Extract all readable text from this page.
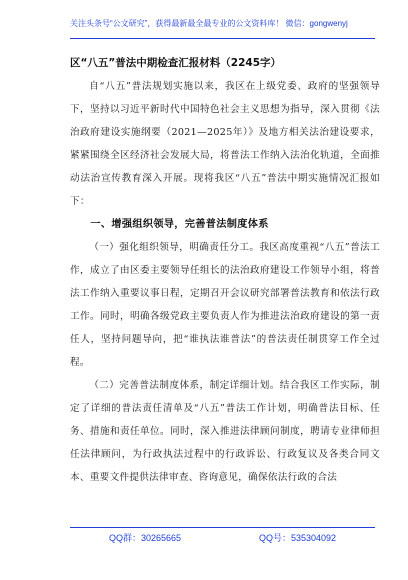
关注头条号“公文研究”，获得最新最全最专业的公文资料库！ 微信：gongwenyj
区“八五”普法中期检查汇报材料（2245字）

自“八五”普法规划实施以来，我区在上级党委、政府的坚强领导下，坚持以习近平新时代中国特色社会主义思想为指导，深入贯彻《法治政府建设实施纲要（2021—2025年）》及地方相关法治建设要求，紧紧围绕全区经济社会发展大局，将普法工作纳入法治化轨道，全面推动法治宣传教育深入开展。现将我区“八五”普法中期实施情况汇报如下：

一、增强组织领导，完善普法制度体系

（一）强化组织领导，明确责任分工。我区高度重视“八五”普法工作，成立了由区委主要领导任组长的法治政府建设工作领导小组，将普法工作纳入重要议事日程，定期召开会议研究部署普法教育和依法行政工作。同时，明确各级党政主要负责人作为推进法治政府建设的第一责任人，坚持问题导向，把“谁执法谁普法”的普法责任制贯穿工作全过程。

（二）完善普法制度体系，制定详细计划。结合我区工作实际，制定了详细的普法责任清单及“八五”普法工作计划，明确普法目标、任务、措施和责任单位。同时，深入推进法律顾问制度，聘请专业律师担任法律顾问，为行政执法过程中的行政诉讼、行政复议及各类合同文本、重要文件提供法律审查、咨询意见，确保依法行政的合法

QQ群：30265665	QQ号：535304092
